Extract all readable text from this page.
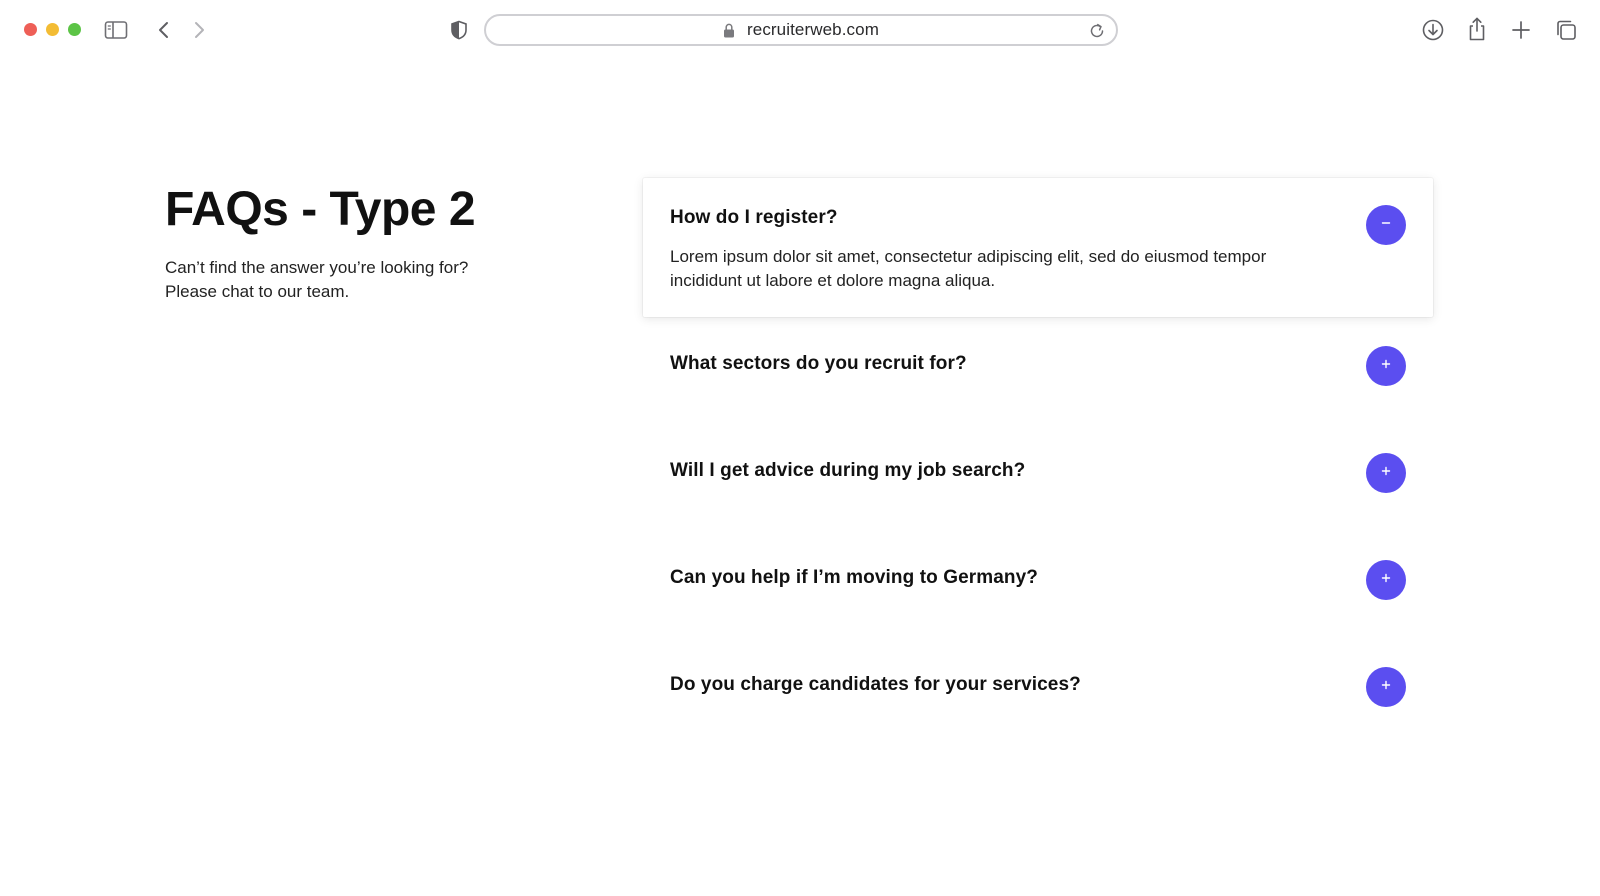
recruiterweb.com
FAQs - Type 2

Can’t find the answer you’re looking for?
Please chat to our team.

How do I register?
Lorem ipsum dolor sit amet, consectetur adipiscing elit, sed do eiusmod tempor incididunt ut labore et dolore magna aliqua.
What sectors do you recruit for?
Will I get advice during my job search?
Can you help if I’m moving to Germany?
Do you charge candidates for your services?
